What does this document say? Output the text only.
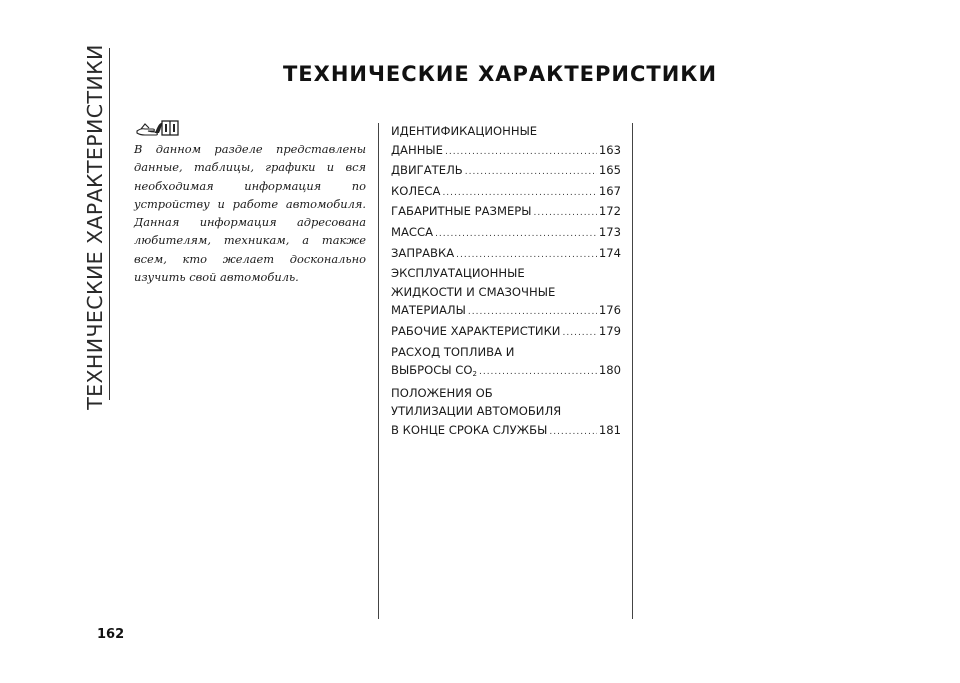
ТЕХНИЧЕСКИЕ ХАРАКТЕРИСТИКИ	ТЕХНИЧЕСКИЕ ХАРАКТЕРИСТИКИ

В данном разделе представлены данные, таблицы, графики и вся необходимая информация по устройству и работе автомобиля. Данная информация адресована любителям, техникам, а также всем, кто желает досконально изучить свой автомобиль.

ИДЕНТИФИКАЦИОННЫЕ
ДАННЫЕ .....	163
ДВИГАТЕЛЬ .....	165
КОЛЕСА .....	167
ГАБАРИТНЫЕ РАЗМЕРЫ .....	172
МАССА .....	173
ЗАПРАВКА .....	174
ЭКСПЛУАТАЦИОННЫЕ
ЖИДКОСТИ И СМАЗОЧНЫЕ
МАТЕРИАЛЫ .....	176
РАБОЧИЕ ХАРАКТЕРИСТИКИ .....	179
РАСХОД ТОПЛИВА И
ВЫБРОСЫ $CO_2$ .....	180
ПОЛОЖЕНИЯ ОБ
УТИЛИЗАЦИИ АВТОМОБИЛЯ
В КОНЦЕ СРОКА СЛУЖБЫ .....	181
162
